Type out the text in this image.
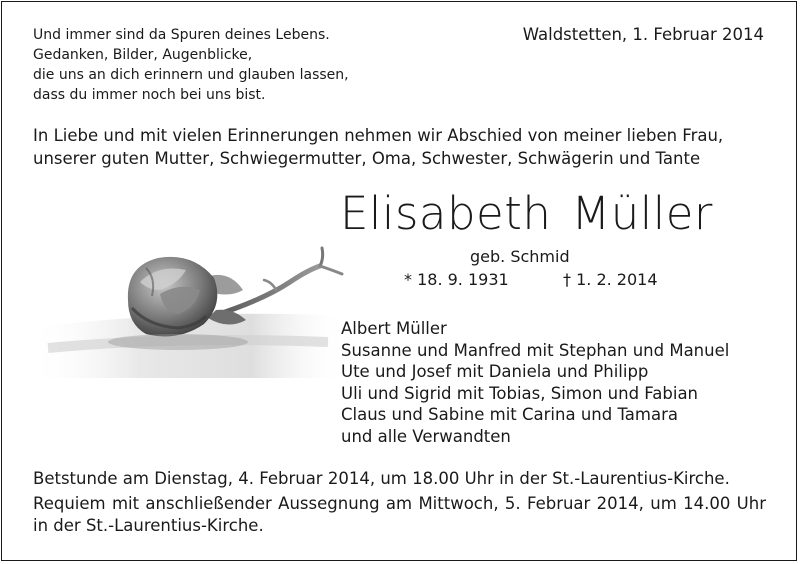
Und immer sind da Spuren deines Lebens.
Gedanken, Bilder, Augenblicke,
die uns an dich erinnern und glauben lassen,
dass du immer noch bei uns bist.
Waldstetten, 1. Februar 2014
In Liebe und mit vielen Erinnerungen nehmen wir Abschied von meiner lieben Frau,
unserer guten Mutter, Schwiegermutter, Oma, Schwester, Schwägerin und Tante
Elisabeth Müller
geb. Schmid
* 18. 9. 1931	† 1. 2. 2014
Albert Müller
Susanne und Manfred mit Stephan und Manuel
Ute und Josef mit Daniela und Philipp
Uli und Sigrid mit Tobias, Simon und Fabian
Claus und Sabine mit Carina und Tamara
und alle Verwandten
Betstunde am Dienstag, 4. Februar 2014, um 18.00 Uhr in der St.-Laurentius-Kirche.
Requiem mit anschließender Aussegnung am Mittwoch, 5. Februar 2014, um 14.00 Uhr in der St.-Laurentius-Kirche.
